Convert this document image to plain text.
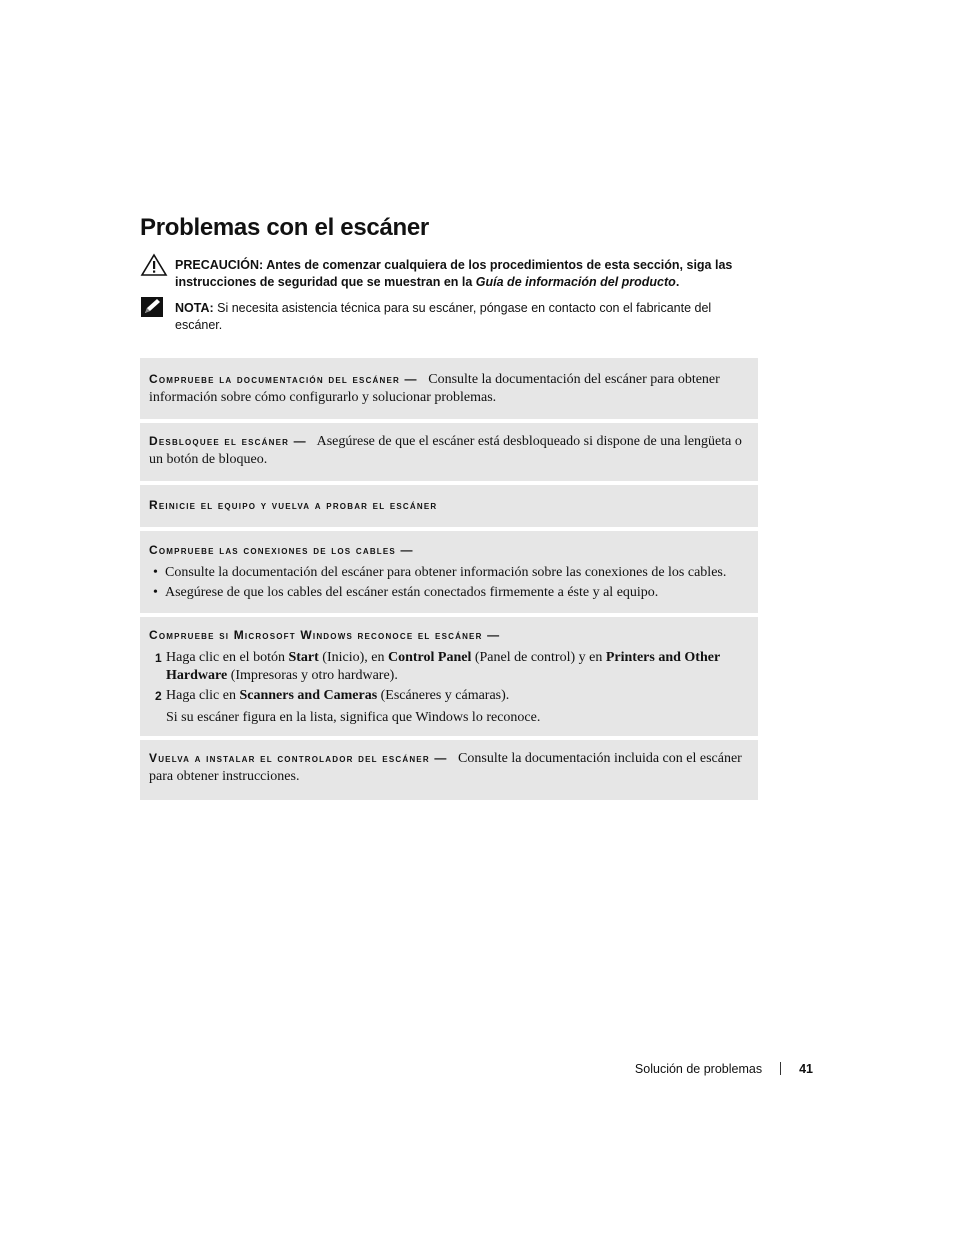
Problemas con el escáner
PRECAUCIÓN: Antes de comenzar cualquiera de los procedimientos de esta sección, siga las instrucciones de seguridad que se muestran en la Guía de información del producto.
NOTA: Si necesita asistencia técnica para su escáner, póngase en contacto con el fabricante del escáner.
Compruebe la documentación del escáner — Consulte la documentación del escáner para obtener información sobre cómo configurarlo y solucionar problemas.
Desbloquee el escáner — Asegúrese de que el escáner está desbloqueado si dispone de una lengüeta o un botón de bloqueo.
Reinicie el equipo y vuelva a probar el escáner
Compruebe las conexiones de los cables —
• Consulte la documentación del escáner para obtener información sobre las conexiones de los cables.
• Asegúrese de que los cables del escáner están conectados firmemente a éste y al equipo.
Compruebe si Microsoft Windows reconoce el escáner —
1 Haga clic en el botón Start (Inicio), en Control Panel (Panel de control) y en Printers and Other Hardware (Impresoras y otro hardware).
2 Haga clic en Scanners and Cameras (Escáneres y cámaras).
Si su escáner figura en la lista, significa que Windows lo reconoce.
Vuelva a instalar el controlador del escáner — Consulte la documentación incluida con el escáner para obtener instrucciones.
Solución de problemas	41
